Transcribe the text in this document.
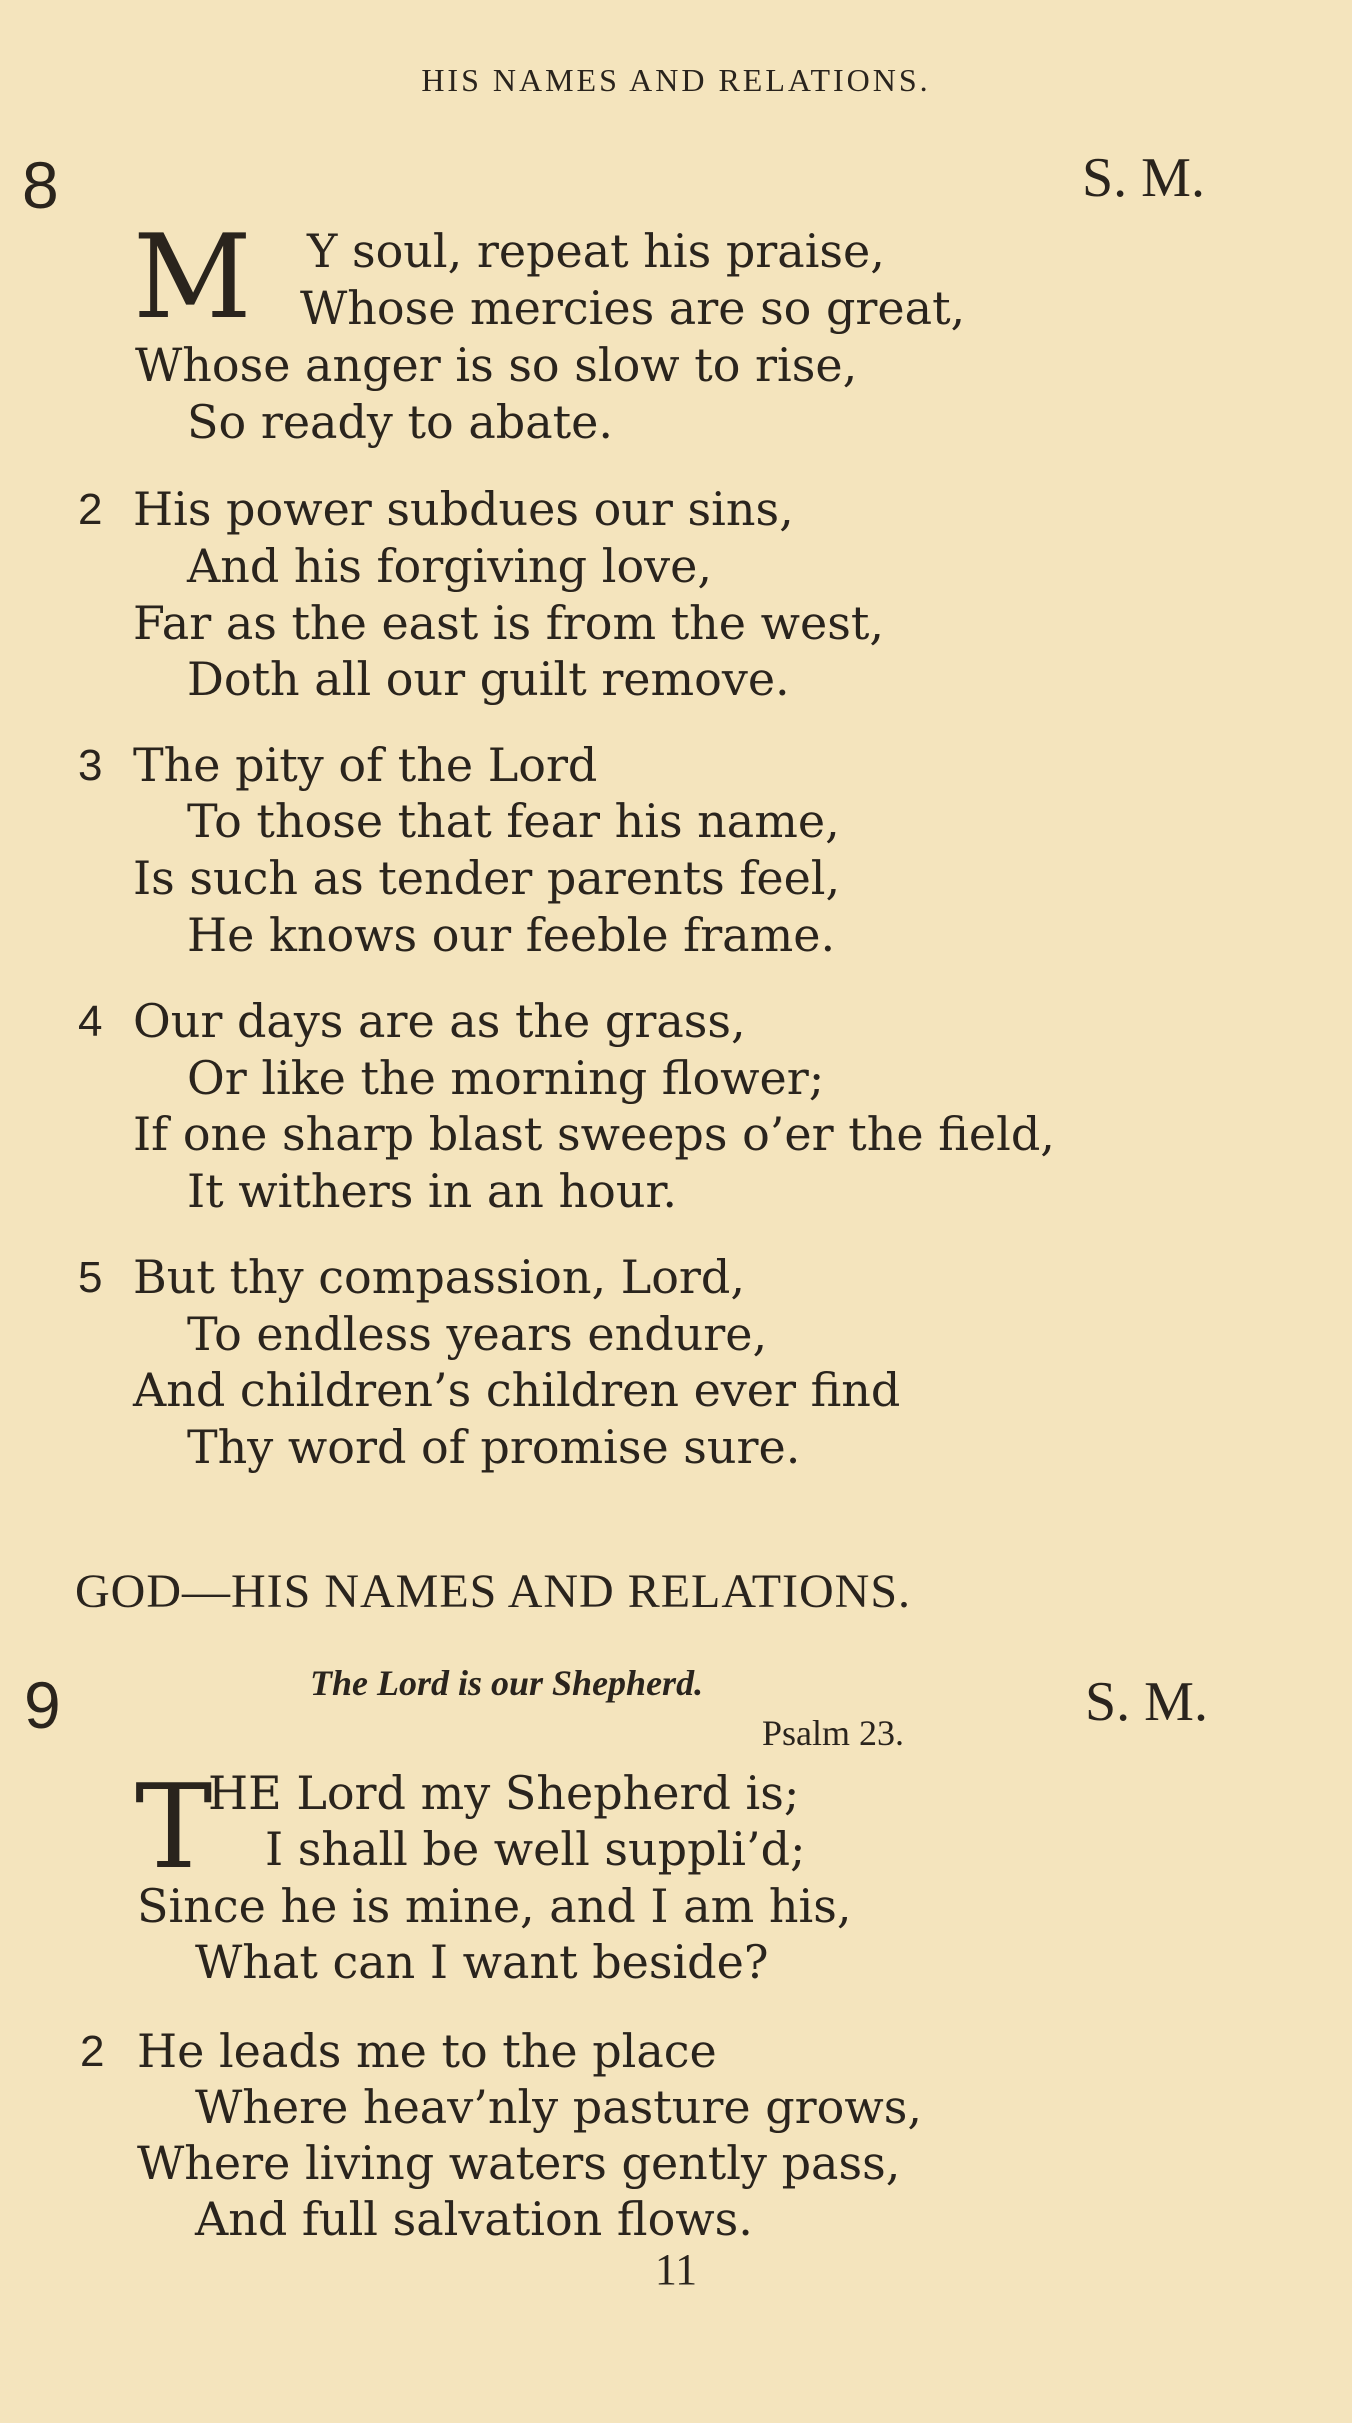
HIS NAMES AND RELATIONS.
8	S. M.
M Y soul, repeat his praise,
Whose mercies are so great,
Whose anger is so slow to rise,
So ready to abate.
2 His power subdues our sins,
And his forgiving love,
Far as the east is from the west,
Doth all our guilt remove.
3 The pity of the Lord
To those that fear his name,
Is such as tender parents feel,
He knows our feeble frame.
4 Our days are as the grass,
Or like the morning flower;
If one sharp blast sweeps o’er the field,
It withers in an hour.
5 But thy compassion, Lord,
To endless years endure,
And children’s children ever find
Thy word of promise sure.
GOD—HIS NAMES AND RELATIONS.
9	The Lord is our Shepherd.
Psalm 23.	S. M.
T
HE Lord my Shepherd is;
I shall be well suppli’d;
Since he is mine, and I am his,
What can I want beside?
2 He leads me to the place
Where heav’nly pasture grows,
Where living waters gently pass,
And full salvation flows.
11
